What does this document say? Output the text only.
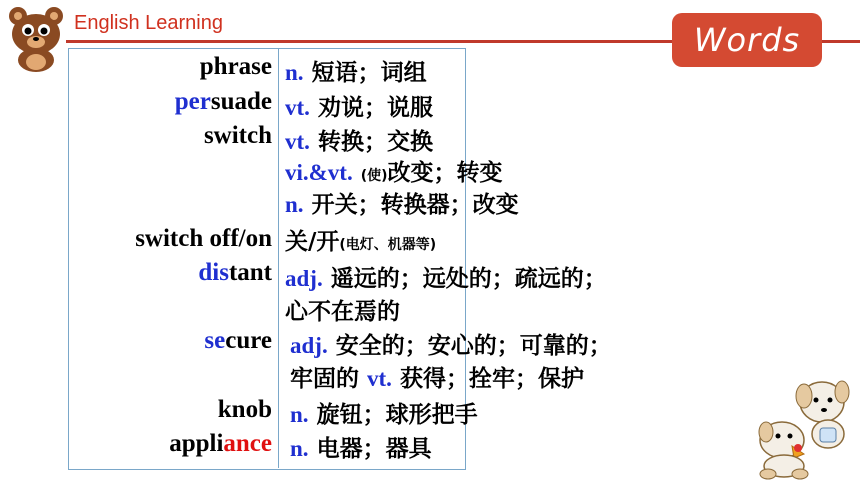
English Learning	Words
phrase n. 短语；词组
persuade vt. 劝说；说服
switch vt. 转换；交换
vi.&vt. (使)改变；转变
n. 开关；转换器；改变
switch off/on 关/开(电灯、机器等)
distant adj. 遥远的；远处的；疏远的；
心不在焉的
secure adj. 安全的；安心的；可靠的；
牢固的 vt. 获得；拴牢；保护
knob n. 旋钮；球形把手
appliance n. 电器；器具
